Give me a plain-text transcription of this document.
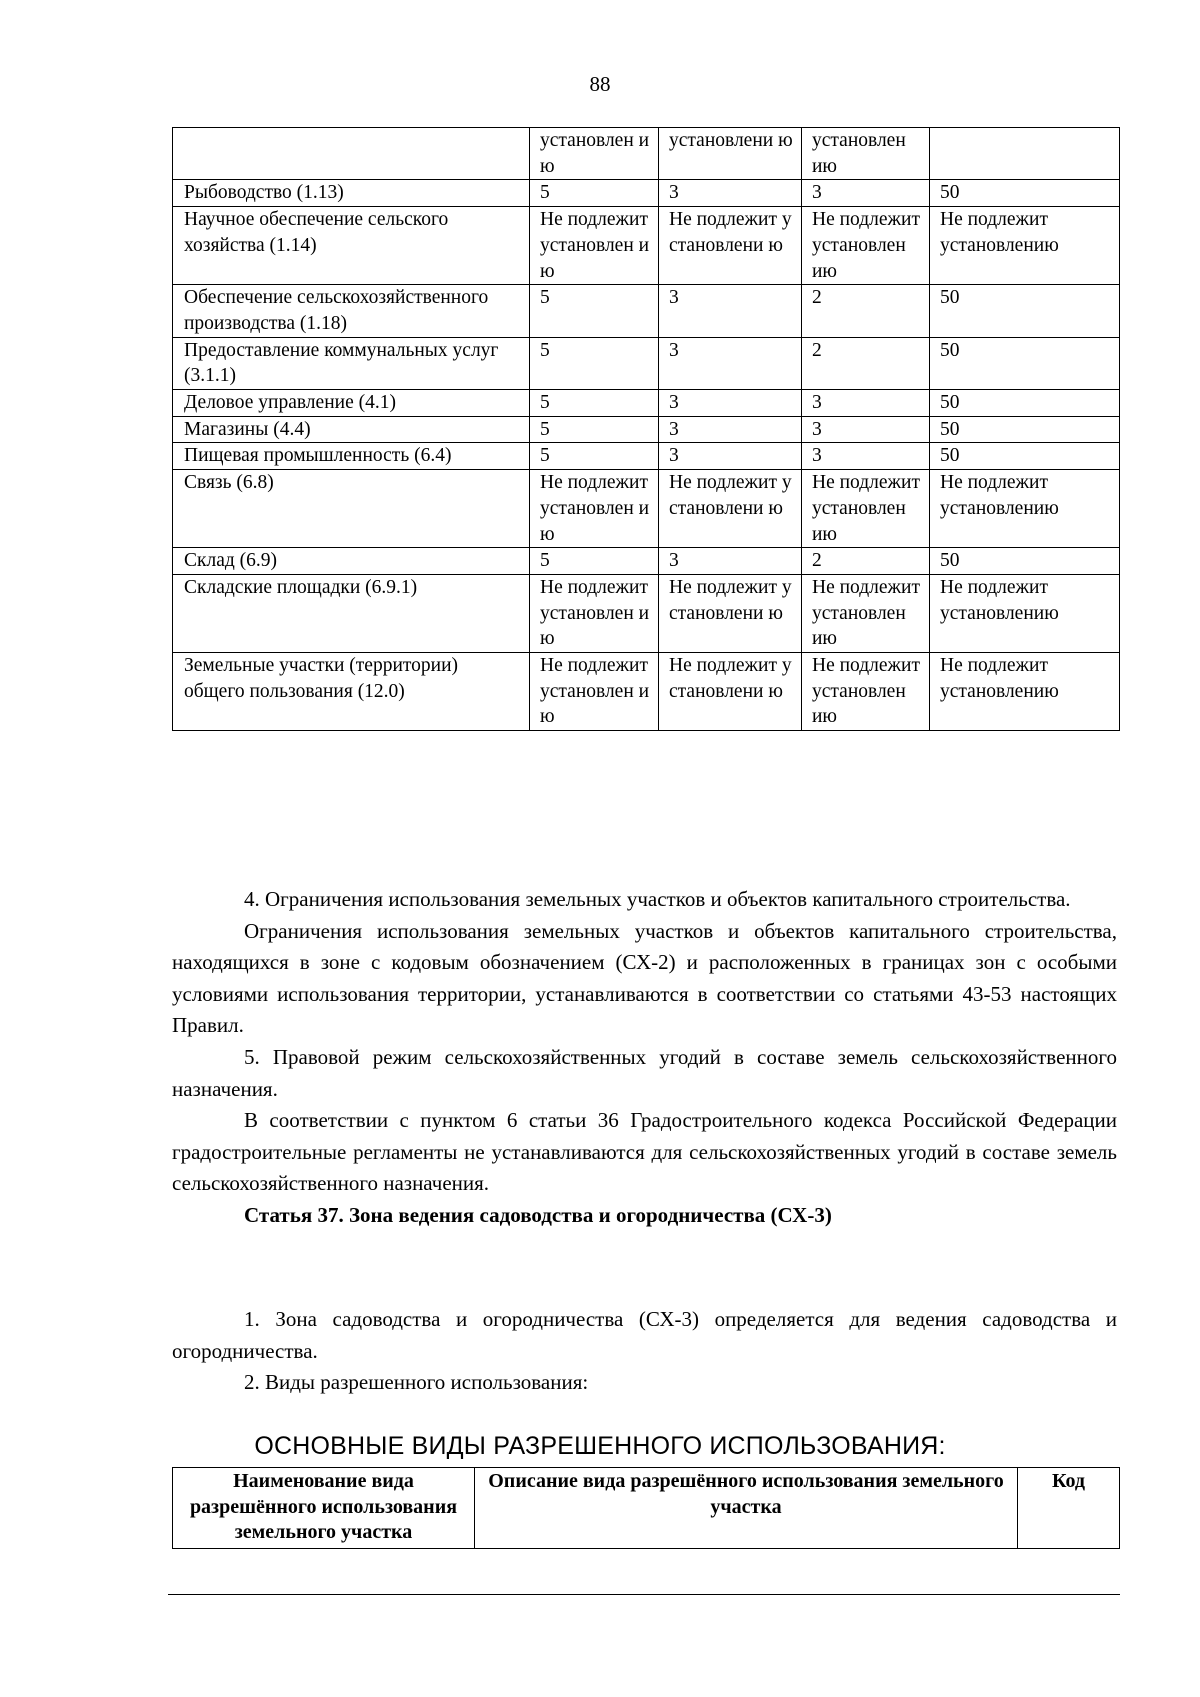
88
	установлен ию	установлени ю	установлен ию	
Рыбоводство (1.13)	5	3	3	50
Научное обеспечение сельского хозяйства (1.14)	Не подлежит установлен ию	Не подлежит установлени ю	Не подлежит установлен ию	Не подлежит установлению
Обеспечение сельскохозяйственного производства (1.18)	5	3	2	50
Предоставление коммунальных услуг (3.1.1)	5	3	2	50
Деловое управление (4.1)	5	3	3	50
Магазины (4.4)	5	3	3	50
Пищевая промышленность (6.4)	5	3	3	50
Связь (6.8)	Не подлежит установлен ию	Не подлежит установлени ю	Не подлежит установлен ию	Не подлежит установлению
Склад (6.9)	5	3	2	50
Складские площадки (6.9.1)	Не подлежит установлен ию	Не подлежит установлени ю	Не подлежит установлен ию	Не подлежит установлению
Земельные участки (территории) общего пользования (12.0)	Не подлежит установлен ию	Не подлежит установлени ю	Не подлежит установлен ию	Не подлежит установлению

4. Ограничения использования земельных участков и объектов капитального строительства.

Ограничения использования земельных участков и объектов капитального строительства, находящихся в зоне с кодовым обозначением (СХ-2) и расположенных в границах зон с особыми условиями использования территории, устанавливаются в соответствии со статьями 43-53 настоящих Правил.

5. Правовой режим сельскохозяйственных угодий в составе земель сельскохозяйственного назначения.

В соответствии с пунктом 6 статьи 36 Градостроительного кодекса Российской Федерации градостроительные регламенты не устанавливаются для сельскохозяйственных угодий в составе земель сельскохозяйственного назначения.

Статья 37. Зона ведения садоводства и огородничества (СХ-3)

1. Зона садоводства и огородничества (СХ-3) определяется для ведения садоводства и огородничества.

2. Виды разрешенного использования:

ОСНОВНЫЕ ВИДЫ РАЗРЕШЕННОГО ИСПОЛЬЗОВАНИЯ:
Наименование вида разрешённого использования земельного участка	Описание вида разрешённого использования земельного участка	Код
